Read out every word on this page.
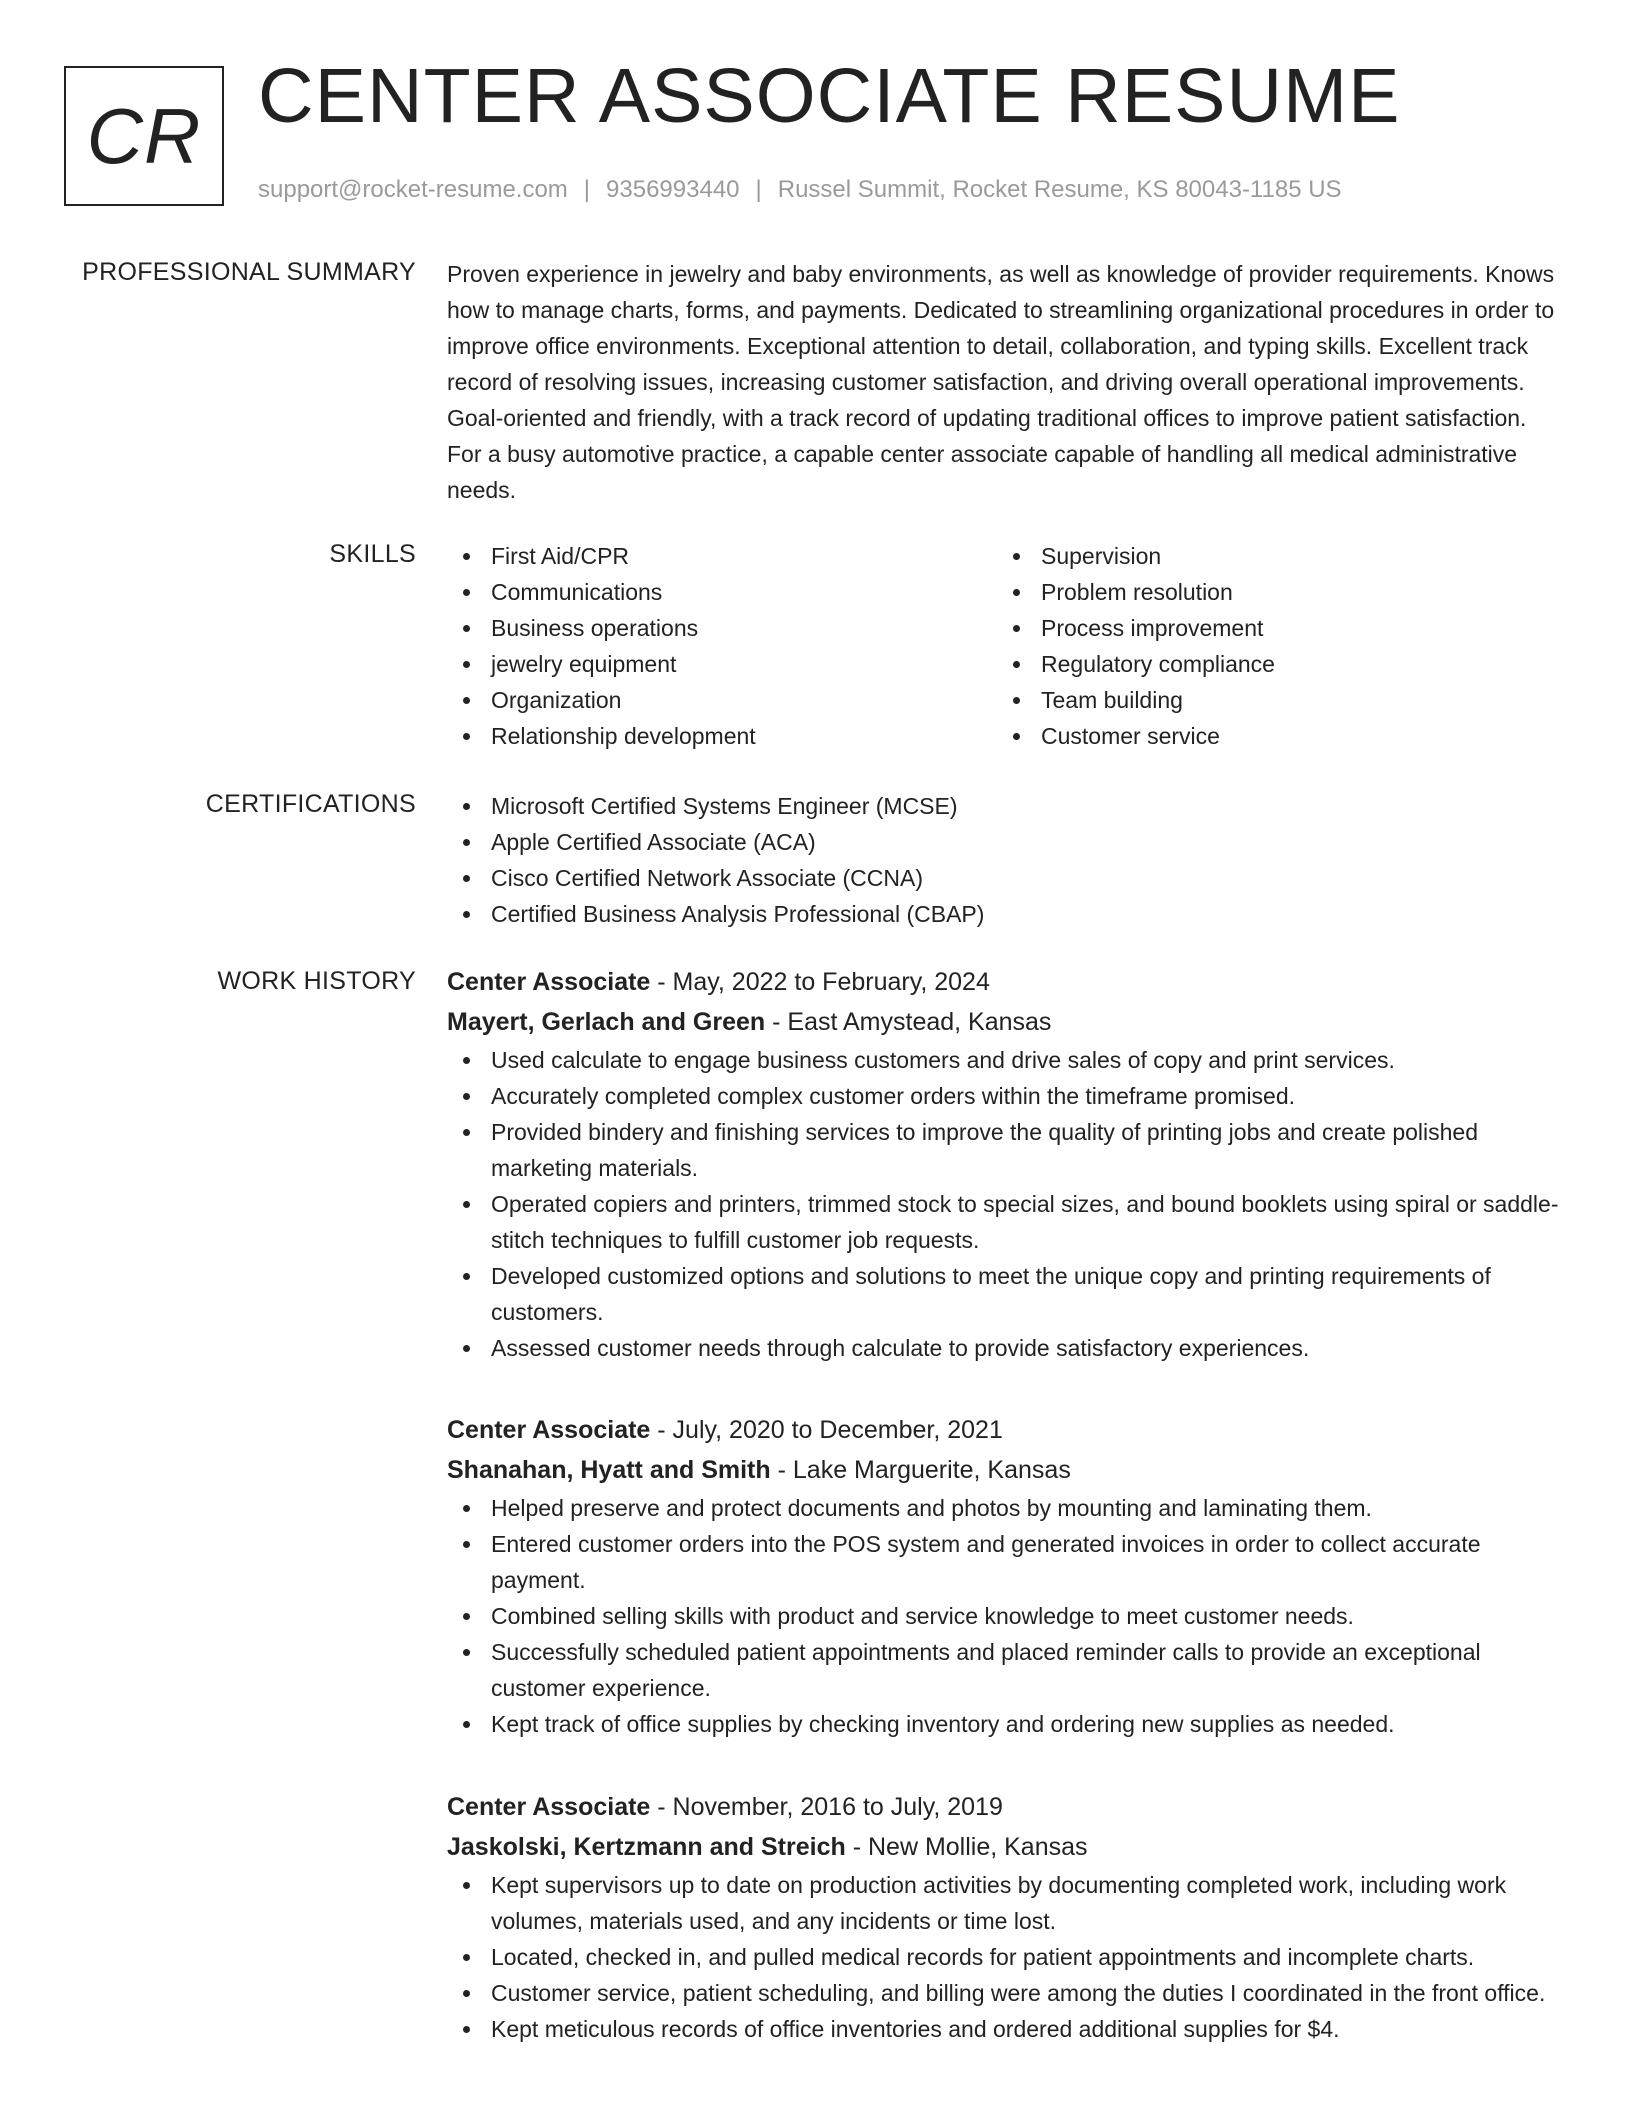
CR CENTER ASSOCIATE RESUME
support@rocket-resume.com | 9356993440 | Russel Summit, Rocket Resume, KS 80043-1185 US
PROFESSIONAL SUMMARY Proven experience in jewelry and baby environments, as well as knowledge of provider requirements. Knows how to manage charts, forms, and payments. Dedicated to streamlining organizational procedures in order to improve office environments. Exceptional attention to detail, collaboration, and typing skills. Excellent track record of resolving issues, increasing customer satisfaction, and driving overall operational improvements. Goal-oriented and friendly, with a track record of updating traditional offices to improve patient satisfaction. For a busy automotive practice, a capable center associate capable of handling all medical administrative needs.
SKILLS	First Aid/CPR
Communications
Business operations
jewelry equipment
Organization
Relationship development
Supervision
Problem resolution
Process improvement
Regulatory compliance
Team building
Customer service
CERTIFICATIONS	Microsoft Certified Systems Engineer (MCSE)
Apple Certified Associate (ACA)
Cisco Certified Network Associate (CCNA)
Certified Business Analysis Professional (CBAP)
WORK HISTORY Center Associate - May, 2022 to February, 2024
Mayert, Gerlach and Green - East Amystead, Kansas
Used calculate to engage business customers and drive sales of copy and print services.
Accurately completed complex customer orders within the timeframe promised.
Provided bindery and finishing services to improve the quality of printing jobs and create polished marketing materials.
Operated copiers and printers, trimmed stock to special sizes, and bound booklets using spiral or saddle-stitch techniques to fulfill customer job requests.
Developed customized options and solutions to meet the unique copy and printing requirements of customers.
Assessed customer needs through calculate to provide satisfactory experiences.
Center Associate - July, 2020 to December, 2021
Shanahan, Hyatt and Smith - Lake Marguerite, Kansas
Helped preserve and protect documents and photos by mounting and laminating them.
Entered customer orders into the POS system and generated invoices in order to collect accurate payment.
Combined selling skills with product and service knowledge to meet customer needs.
Successfully scheduled patient appointments and placed reminder calls to provide an exceptional customer experience.
Kept track of office supplies by checking inventory and ordering new supplies as needed.
Center Associate - November, 2016 to July, 2019
Jaskolski, Kertzmann and Streich - New Mollie, Kansas
Kept supervisors up to date on production activities by documenting completed work, including work volumes, materials used, and any incidents or time lost.
Located, checked in, and pulled medical records for patient appointments and incomplete charts.
Customer service, patient scheduling, and billing were among the duties I coordinated in the front office.
Kept meticulous records of office inventories and ordered additional supplies for $4.
